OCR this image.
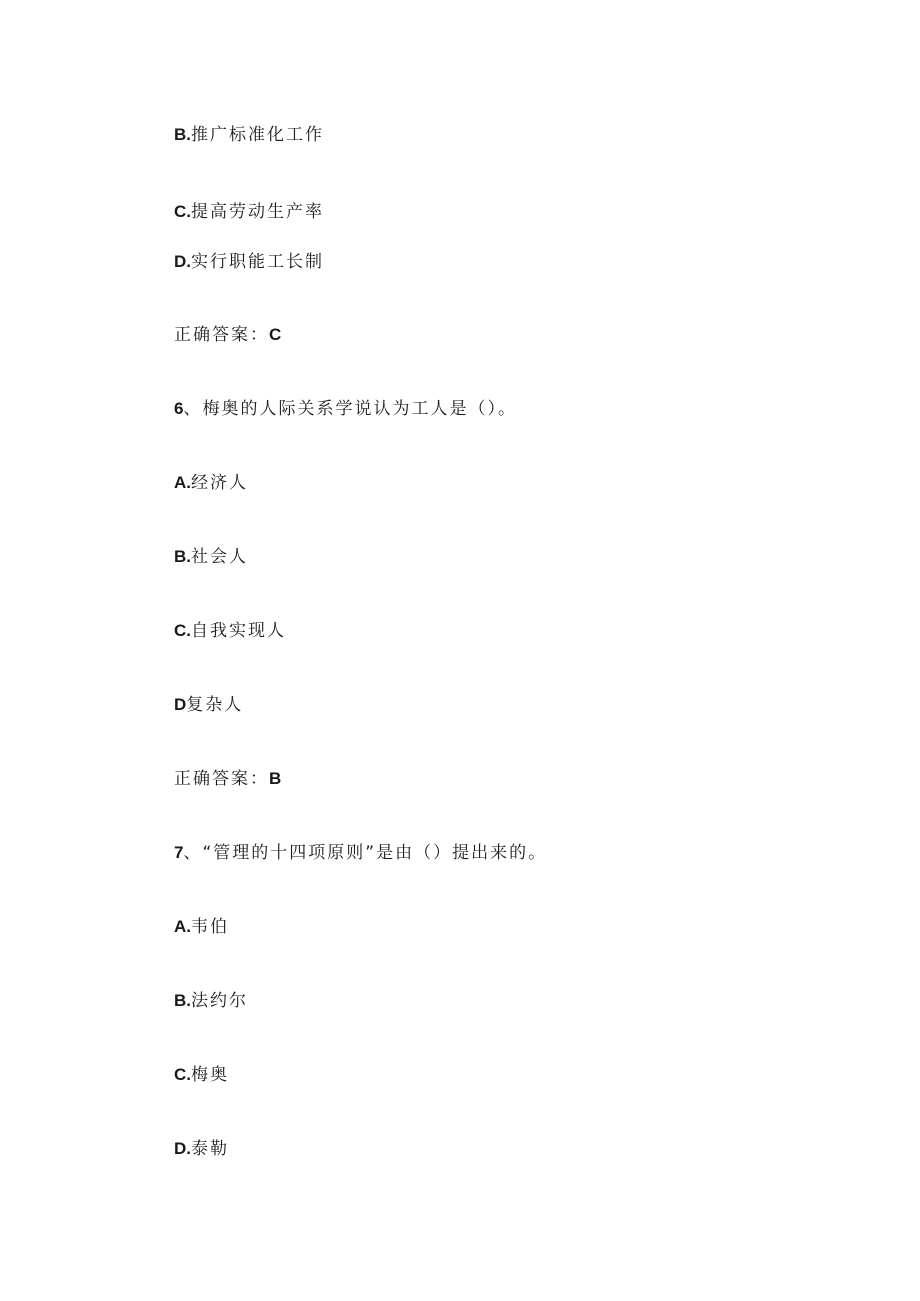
B.推广标准化工作
C.提高劳动生产率
D.实行职能工长制
正确答案：C
6、梅奥的人际关系学说认为工人是（）。
A.经济人
B.社会人
C.自我实现人
D复杂人
正确答案：B
7、“管理的十四项原则”是由（）提出来的。
A.韦伯
B.法约尔
C.梅奥
D.泰勒
